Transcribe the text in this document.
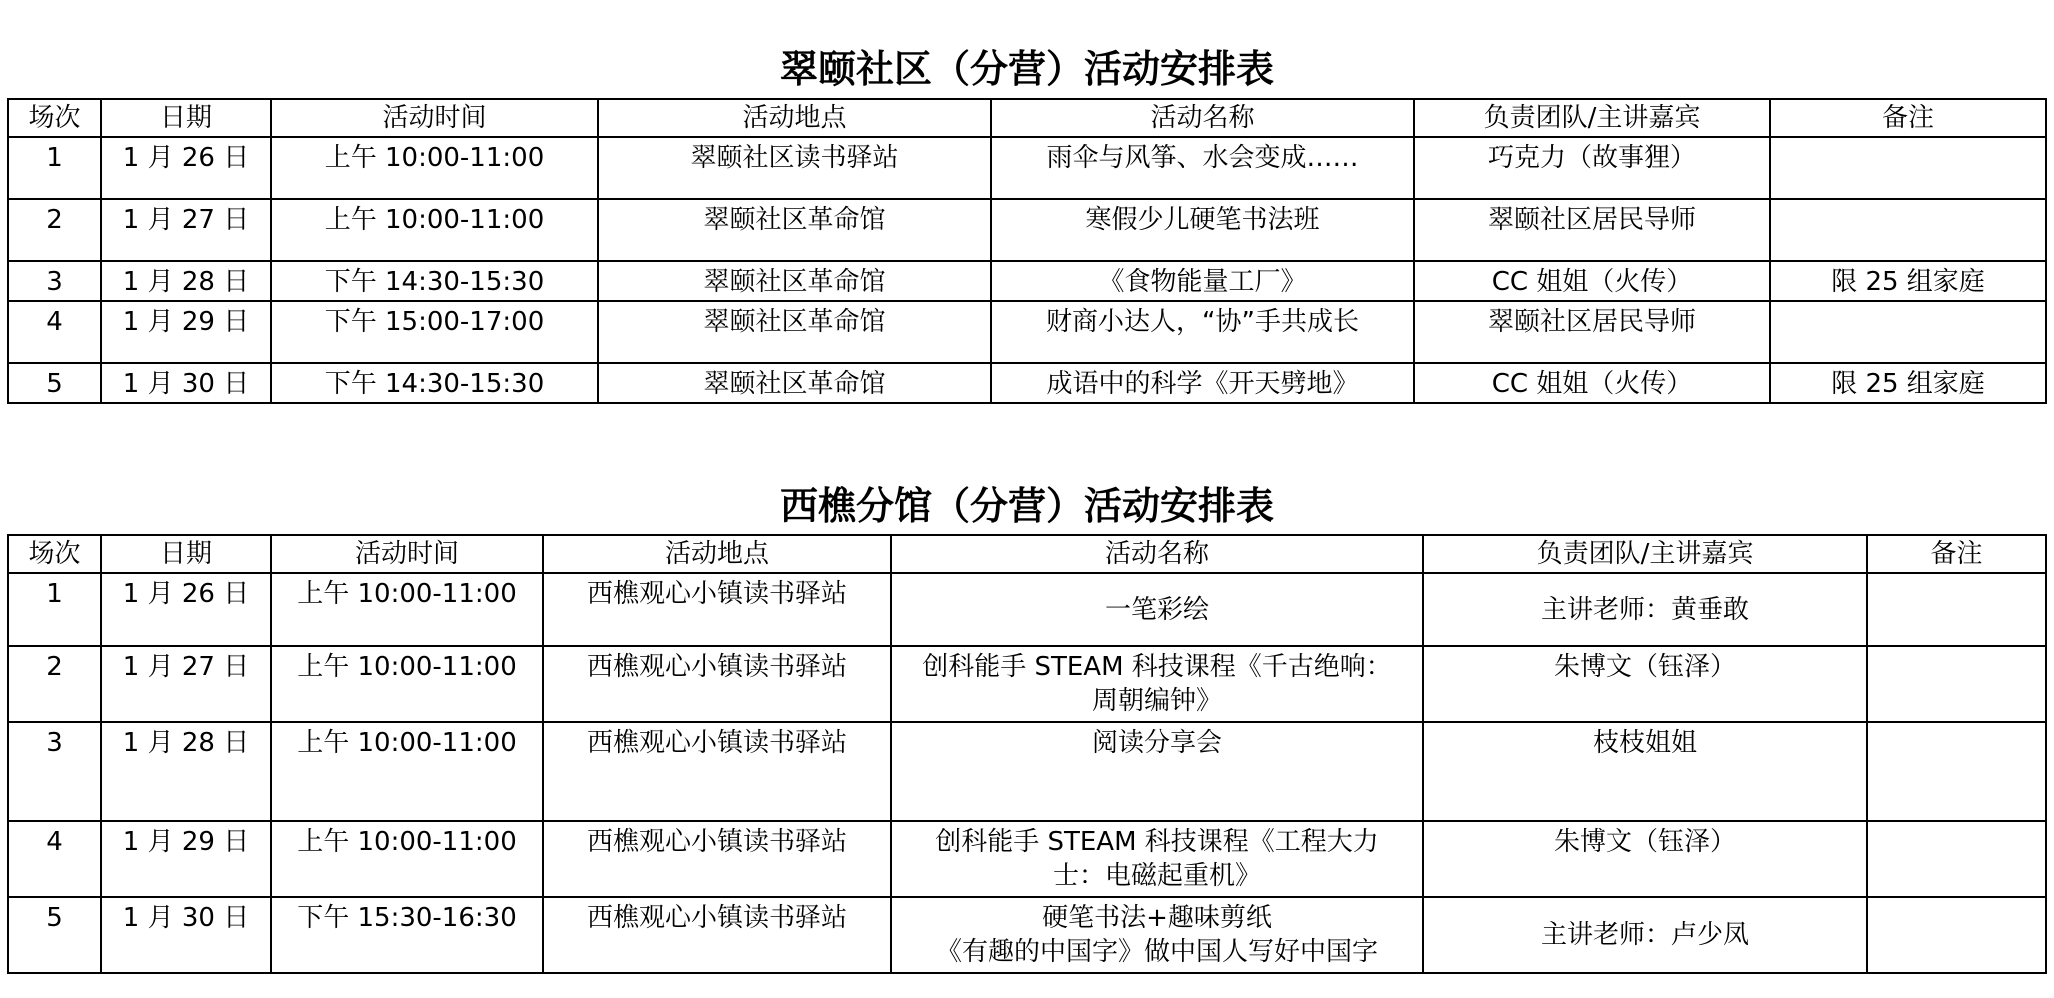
翠颐社区（分营）活动安排表
场次	日期	活动时间	活动地点	活动名称	负责团队/主讲嘉宾	备注
1	1 月 26 日	上午 10:00-11:00	翠颐社区读书驿站	雨伞与风筝、水会变成……	巧克力（故事狸）	
2	1 月 27 日	上午 10:00-11:00	翠颐社区革命馆	寒假少儿硬笔书法班	翠颐社区居民导师	
3	1 月 28 日	下午 14:30-15:30	翠颐社区革命馆	《食物能量工厂》	CC 姐姐（火传）	限 25 组家庭
4	1 月 29 日	下午 15:00-17:00	翠颐社区革命馆	财商小达人，“协”手共成长	翠颐社区居民导师	
5	1 月 30 日	下午 14:30-15:30	翠颐社区革命馆	成语中的科学《开天劈地》	CC 姐姐（火传）	限 25 组家庭
西樵分馆（分营）活动安排表
场次	日期	活动时间	活动地点	活动名称	负责团队/主讲嘉宾	备注
1	1 月 26 日	上午 10:00-11:00	西樵观心小镇读书驿站	一笔彩绘	主讲老师：黄垂敢	
2	1 月 27 日	上午 10:00-11:00	西樵观心小镇读书驿站	创科能手 STEAM 科技课程《千古绝响：
周朝编钟》	朱博文（钰泽）	
3	1 月 28 日	上午 10:00-11:00	西樵观心小镇读书驿站	阅读分享会	枝枝姐姐	
4	1 月 29 日	上午 10:00-11:00	西樵观心小镇读书驿站	创科能手 STEAM 科技课程《工程大力
士：电磁起重机》	朱博文（钰泽）	
5	1 月 30 日	下午 15:30-16:30	西樵观心小镇读书驿站	硬笔书法+趣味剪纸
《有趣的中国字》做中国人写好中国字	主讲老师：卢少凤	
